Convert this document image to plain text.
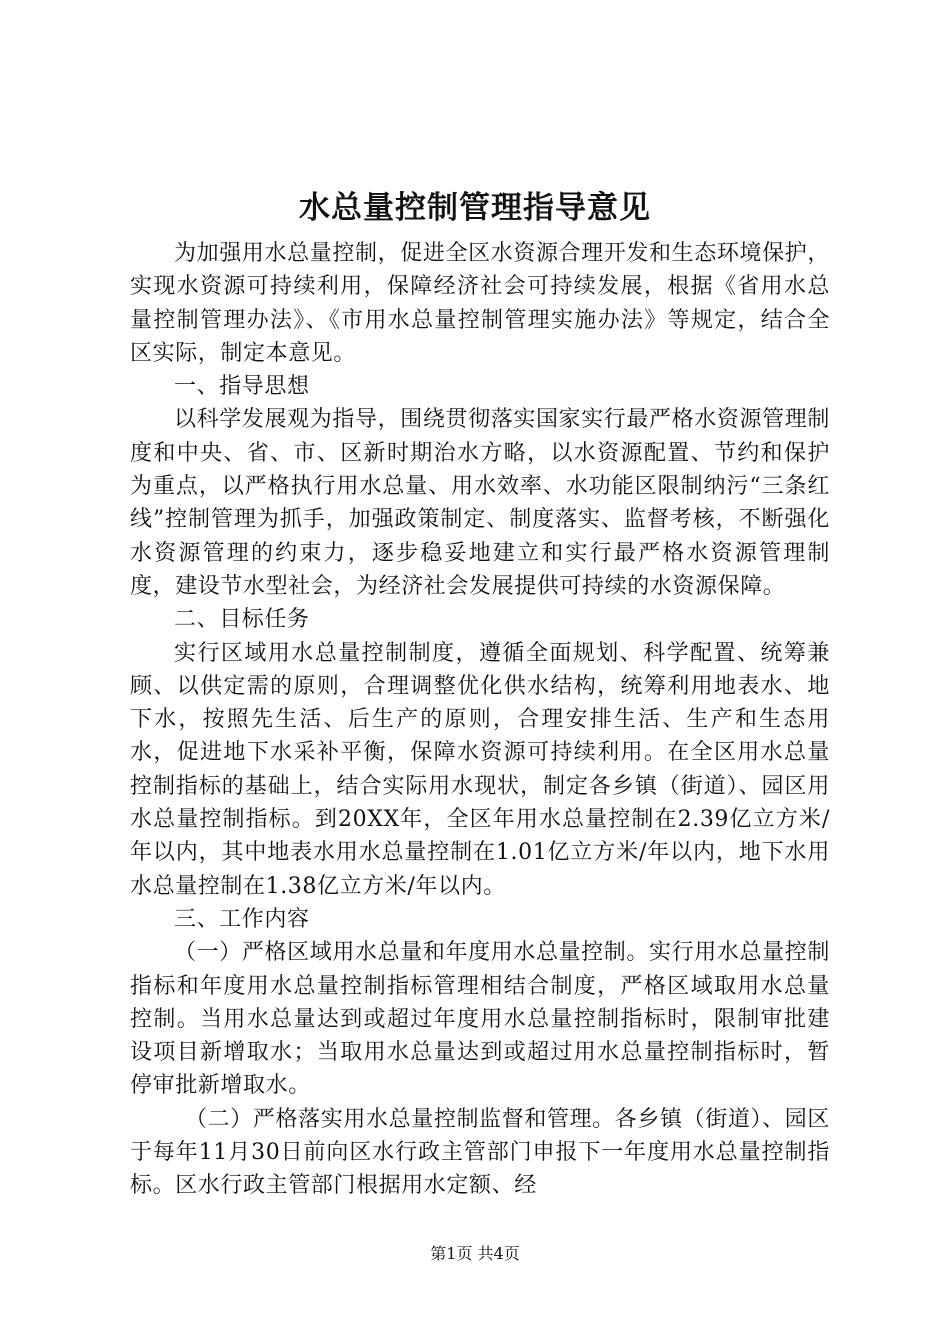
水总量控制管理指导意见

为加强用水总量控制，促进全区水资源合理开发和生态环境保护，实现水资源可持续利用，保障经济社会可持续发展，根据《省用水总量控制管理办法》、《市用水总量控制管理实施办法》等规定，结合全区实际，制定本意见。

一、指导思想

以科学发展观为指导，围绕贯彻落实国家实行最严格水资源管理制度和中央、省、市、区新时期治水方略，以水资源配置、节约和保护为重点，以严格执行用水总量、用水效率、水功能区限制纳污“三条红线”控制管理为抓手，加强政策制定、制度落实、监督考核，不断强化水资源管理的约束力，逐步稳妥地建立和实行最严格水资源管理制度，建设节水型社会，为经济社会发展提供可持续的水资源保障。

二、目标任务

实行区域用水总量控制制度，遵循全面规划、科学配置、统筹兼顾、以供定需的原则，合理调整优化供水结构，统筹利用地表水、地下水，按照先生活、后生产的原则，合理安排生活、生产和生态用水，促进地下水采补平衡，保障水资源可持续利用。在全区用水总量控制指标的基础上，结合实际用水现状，制定各乡镇（街道）、园区用水总量控制指标。到20XX年，全区年用水总量控制在2.39亿立方米/年以内，其中地表水用水总量控制在1.01亿立方米/年以内，地下水用水总量控制在1.38亿立方米/年以内。

三、工作内容

（一）严格区域用水总量和年度用水总量控制。实行用水总量控制指标和年度用水总量控制指标管理相结合制度，严格区域取用水总量控制。当用水总量达到或超过年度用水总量控制指标时，限制审批建设项目新增取水；当取用水总量达到或超过用水总量控制指标时，暂停审批新增取水。

（二）严格落实用水总量控制监督和管理。各乡镇（街道）、园区于每年11月30日前向区水行政主管部门申报下一年度用水总量控制指标。区水行政主管部门根据用水定额、经

第1页 共4页
